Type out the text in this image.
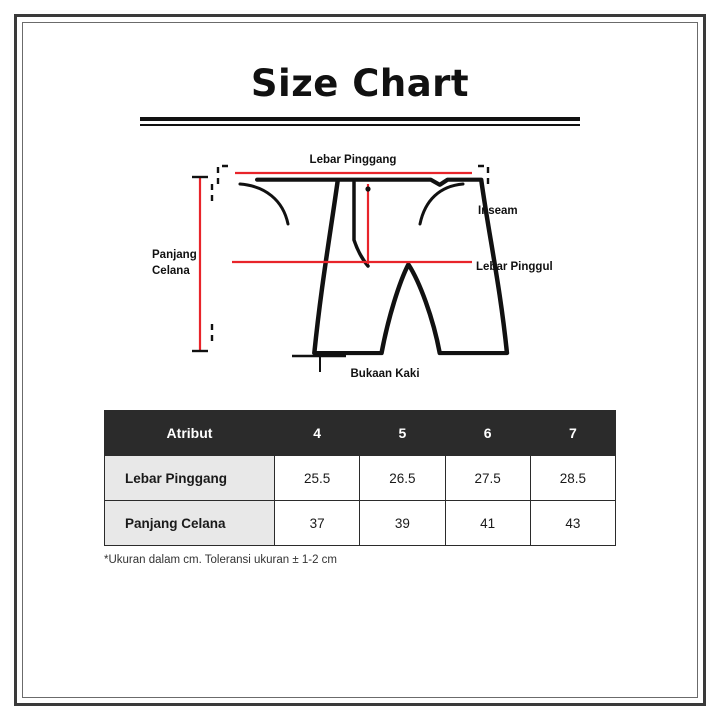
Size Chart
Lebar Pinggang
Inseam
Lebar Pinggul
Panjang
Celana
Bukaan Kaki
Atribut	4	5	6	7
Lebar Pinggang	25.5	26.5	27.5	28.5
Panjang Celana	37	39	41	43
*Ukuran dalam cm. Toleransi ukuran ± 1-2 cm
